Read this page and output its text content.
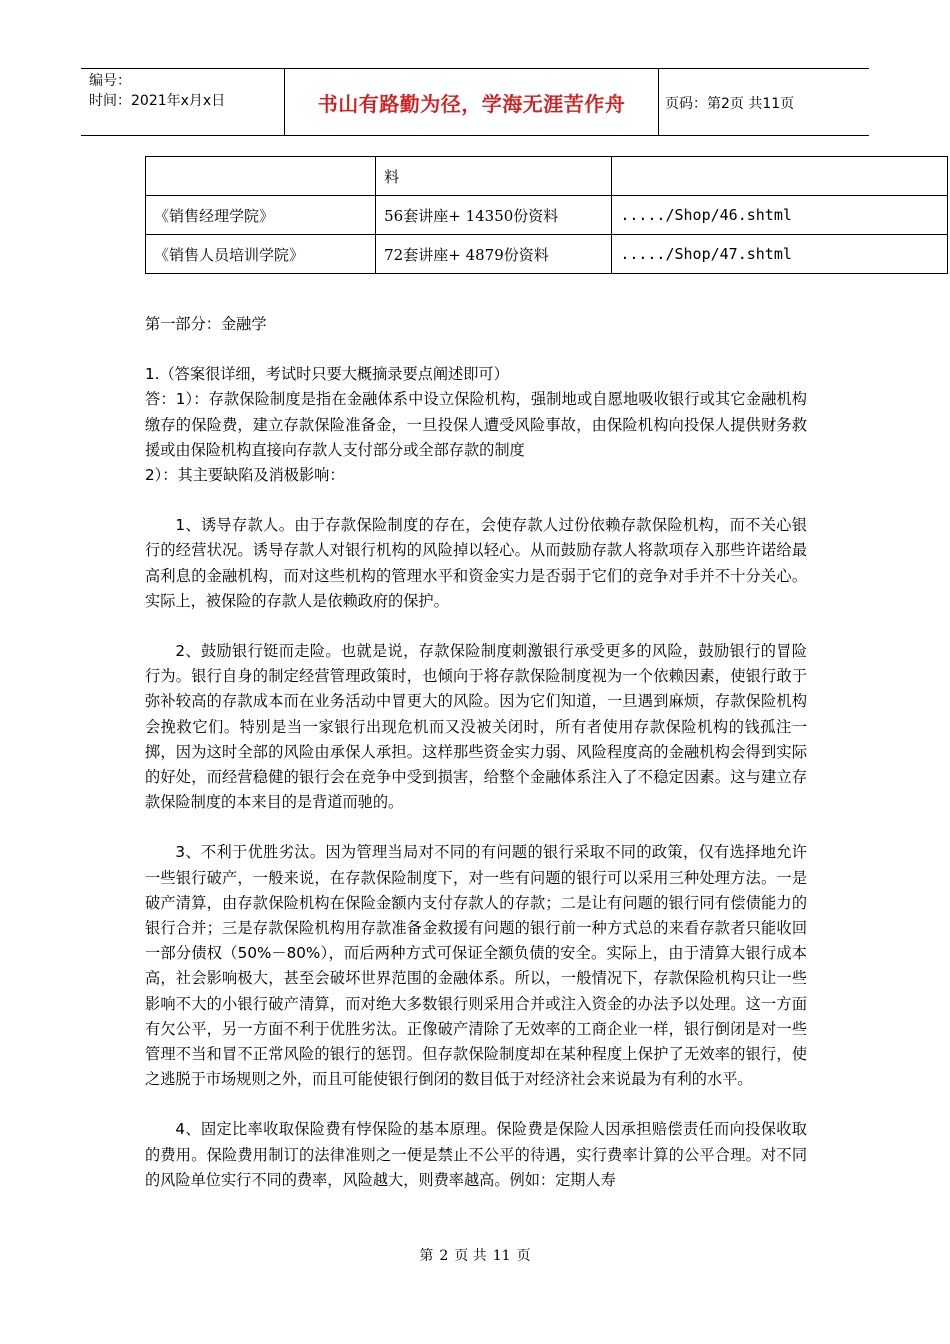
编号：
时间：2021年x月x日	书山有路勤为径，学海无涯苦作舟	页码：第2页 共11页
	料	
《销售经理学院》	56套讲座+ 14350份资料	...../Shop/46.shtml
《销售人员培训学院》	72套讲座+ 4879份资料	...../Shop/47.shtml

第一部分：金融学

1.（答案很详细，考试时只要大概摘录要点阐述即可）

答：1）：存款保险制度是指在金融体系中设立保险机构，强制地或自愿地吸收银行或其它金融机构缴存的保险费，建立存款保险准备金，一旦投保人遭受风险事故，由保险机构向投保人提供财务救援或由保险机构直接向存款人支付部分或全部存款的制度

2）：其主要缺陷及消极影响：

1、诱导存款人。由于存款保险制度的存在，会使存款人过份依赖存款保险机构，而不关心银行的经营状况。诱导存款人对银行机构的风险掉以轻心。从而鼓励存款人将款项存入那些许诺给最高利息的金融机构，而对这些机构的管理水平和资金实力是否弱于它们的竞争对手并不十分关心。实际上，被保险的存款人是依赖政府的保护。

2、鼓励银行铤而走险。也就是说，存款保险制度刺激银行承受更多的风险，鼓励银行的冒险行为。银行自身的制定经营管理政策时，也倾向于将存款保险制度视为一个依赖因素，使银行敢于弥补较高的存款成本而在业务活动中冒更大的风险。因为它们知道，一旦遇到麻烦，存款保险机构会挽救它们。特别是当一家银行出现危机而又没被关闭时，所有者使用存款保险机构的钱孤注一掷，因为这时全部的风险由承保人承担。这样那些资金实力弱、风险程度高的金融机构会得到实际的好处，而经营稳健的银行会在竞争中受到损害，给整个金融体系注入了不稳定因素。这与建立存款保险制度的本来目的是背道而驰的。

3、不利于优胜劣汰。因为管理当局对不同的有问题的银行采取不同的政策，仅有选择地允许一些银行破产，一般来说，在存款保险制度下，对一些有问题的银行可以采用三种处理方法。一是破产清算，由存款保险机构在保险金额内支付存款人的存款；二是让有问题的银行同有偿债能力的银行合并；三是存款保险机构用存款准备金救援有问题的银行前一种方式总的来看存款者只能收回一部分债权（50%－80%），而后两种方式可保证全额负债的安全。实际上，由于清算大银行成本高，社会影响极大，甚至会破坏世界范围的金融体系。所以，一般情况下，存款保险机构只让一些影响不大的小银行破产清算，而对绝大多数银行则采用合并或注入资金的办法予以处理。这一方面有欠公平，另一方面不利于优胜劣汰。正像破产清除了无效率的工商企业一样，银行倒闭是对一些管理不当和冒不正常风险的银行的惩罚。但存款保险制度却在某种程度上保护了无效率的银行，使之逃脱于市场规则之外，而且可能使银行倒闭的数目低于对经济社会来说最为有利的水平。

4、固定比率收取保险费有悖保险的基本原理。保险费是保险人因承担赔偿责任而向投保收取的费用。保险费用制订的法律准则之一便是禁止不公平的待遇，实行费率计算的公平合理。对不同的风险单位实行不同的费率，风险越大，则费率越高。例如：定期人寿

第 2 页 共 11 页
